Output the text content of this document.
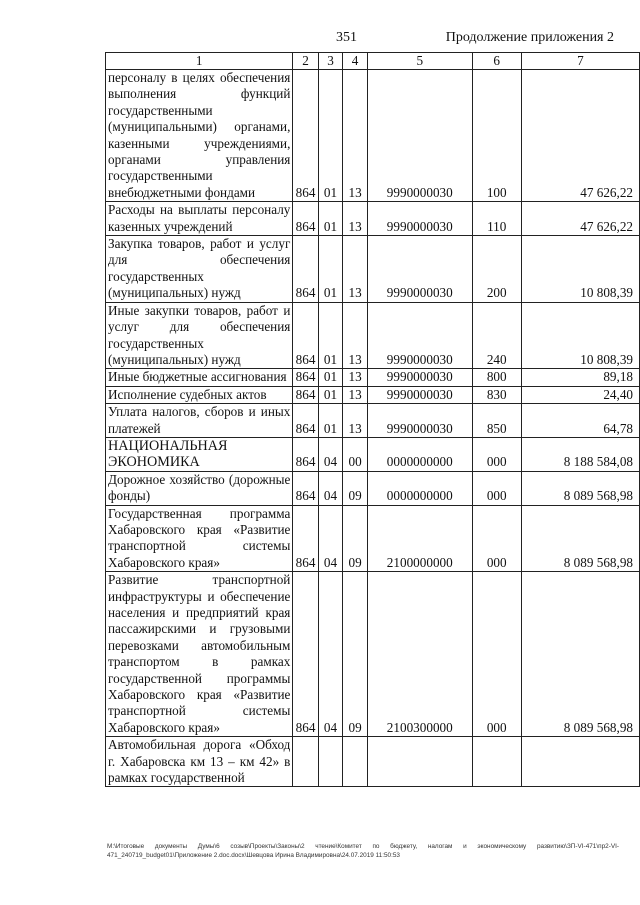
351	Продолжение приложения 2
1	2	3	4	5	6	7
персоналу в целях обеспечения выполнения функций государственными (муниципальными) органами, казенными учреждениями, органами управления государственными внебюджетными фондами	864	01	13	9990000030	100	47 626,22
Расходы на выплаты персоналу казенных учреждений	864	01	13	9990000030	110	47 626,22
Закупка товаров, работ и услуг для обеспечения государственных (муниципальных) нужд	864	01	13	9990000030	200	10 808,39
Иные закупки товаров, работ и услуг для обеспечения государственных (муниципальных) нужд	864	01	13	9990000030	240	10 808,39
Иные бюджетные ассигнования	864	01	13	9990000030	800	89,18
Исполнение судебных актов	864	01	13	9990000030	830	24,40
Уплата налогов, сборов и иных платежей	864	01	13	9990000030	850	64,78
НАЦИОНАЛЬНАЯ ЭКОНОМИКА	864	04	00	0000000000	000	8 188 584,08
Дорожное хозяйство (дорожные фонды)	864	04	09	0000000000	000	8 089 568,98
Государственная программа Хабаровского края «Развитие транспортной системы Хабаровского края»	864	04	09	2100000000	000	8 089 568,98
Развитие транспортной инфраструктуры и обеспечение населения и предприятий края пассажирскими и грузовыми перевозками автомобильным транспортом в рамках государственной программы Хабаровского края «Развитие транспортной системы Хабаровского края»	864	04	09	2100300000	000	8 089 568,98
Автомобильная дорога «Обход г. Хабаровска км 13 – км 42» в рамках государственной						
M:\Итоговые документы Думы\6 созыв\Проекты\Законы\2 чтение\Комитет по бюджету, налогам и экономическому развитию\ЗП-VI-471\пр2-VI-471_240719_budget01\Приложение 2.doc.docx\Шевцова Ирина Владимировна\24.07.2019 11:50:53
